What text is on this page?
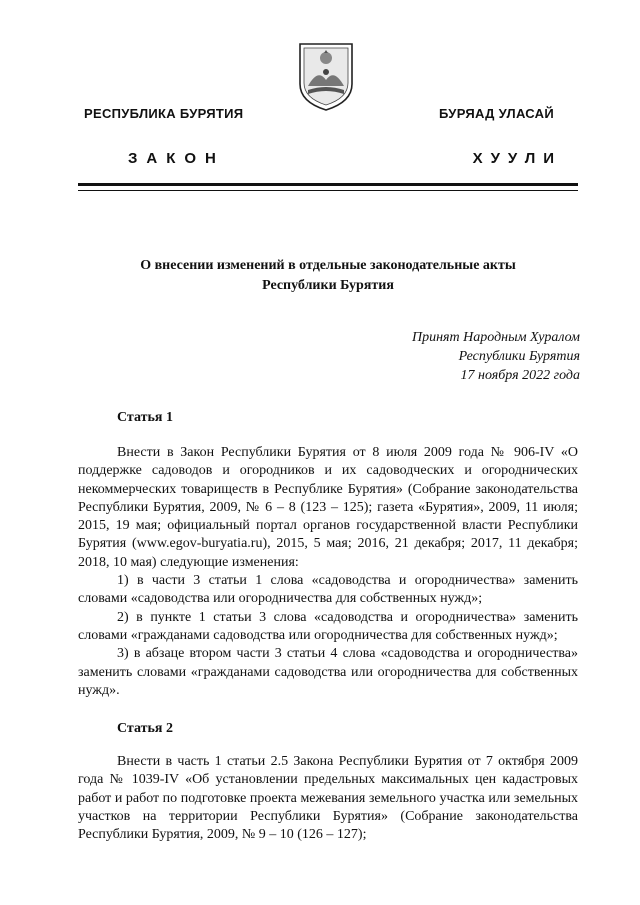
РЕСПУБЛИКА БУРЯТИЯ	БУРЯАД УЛАСАЙ
ЗАКОН	ХУУЛИ
О внесении изменений в отдельные законодательные акты
Республики Бурятия
Принят Народным Хуралом
Республики Бурятия
17 ноября 2022 года
Статья 1

Внести в Закон Республики Бурятия от 8 июля 2009 года № 906-IV «О поддержке садоводов и огородников и их садоводческих и огороднических некоммерческих товариществ в Республике Бурятия» (Собрание законодательства Республики Бурятия, 2009, № 6 – 8 (123 – 125); газета «Бурятия», 2009, 11 июля; 2015, 19 мая; официальный портал органов государственной власти Республики Бурятия (www.egov-buryatia.ru), 2015, 5 мая; 2016, 21 декабря; 2017, 11 декабря; 2018, 10 мая) следующие изменения:

1) в части 3 статьи 1 слова «садоводства и огородничества» заменить словами «садоводства или огородничества для собственных нужд»;

2) в пункте 1 статьи 3 слова «садоводства и огородничества» заменить словами «гражданами садоводства или огородничества для собственных нужд»;

3) в абзаце втором части 3 статьи 4 слова «садоводства и огородничества» заменить словами «гражданами садоводства или огородничества для собственных нужд».

Статья 2

Внести в часть 1 статьи 2.5 Закона Республики Бурятия от 7 октября 2009 года № 1039-IV «Об установлении предельных максимальных цен кадастровых работ и работ по подготовке проекта межевания земельного участка или земельных участков на территории Республики Бурятия» (Собрание законодательства Республики Бурятия, 2009, № 9 – 10 (126 – 127);
